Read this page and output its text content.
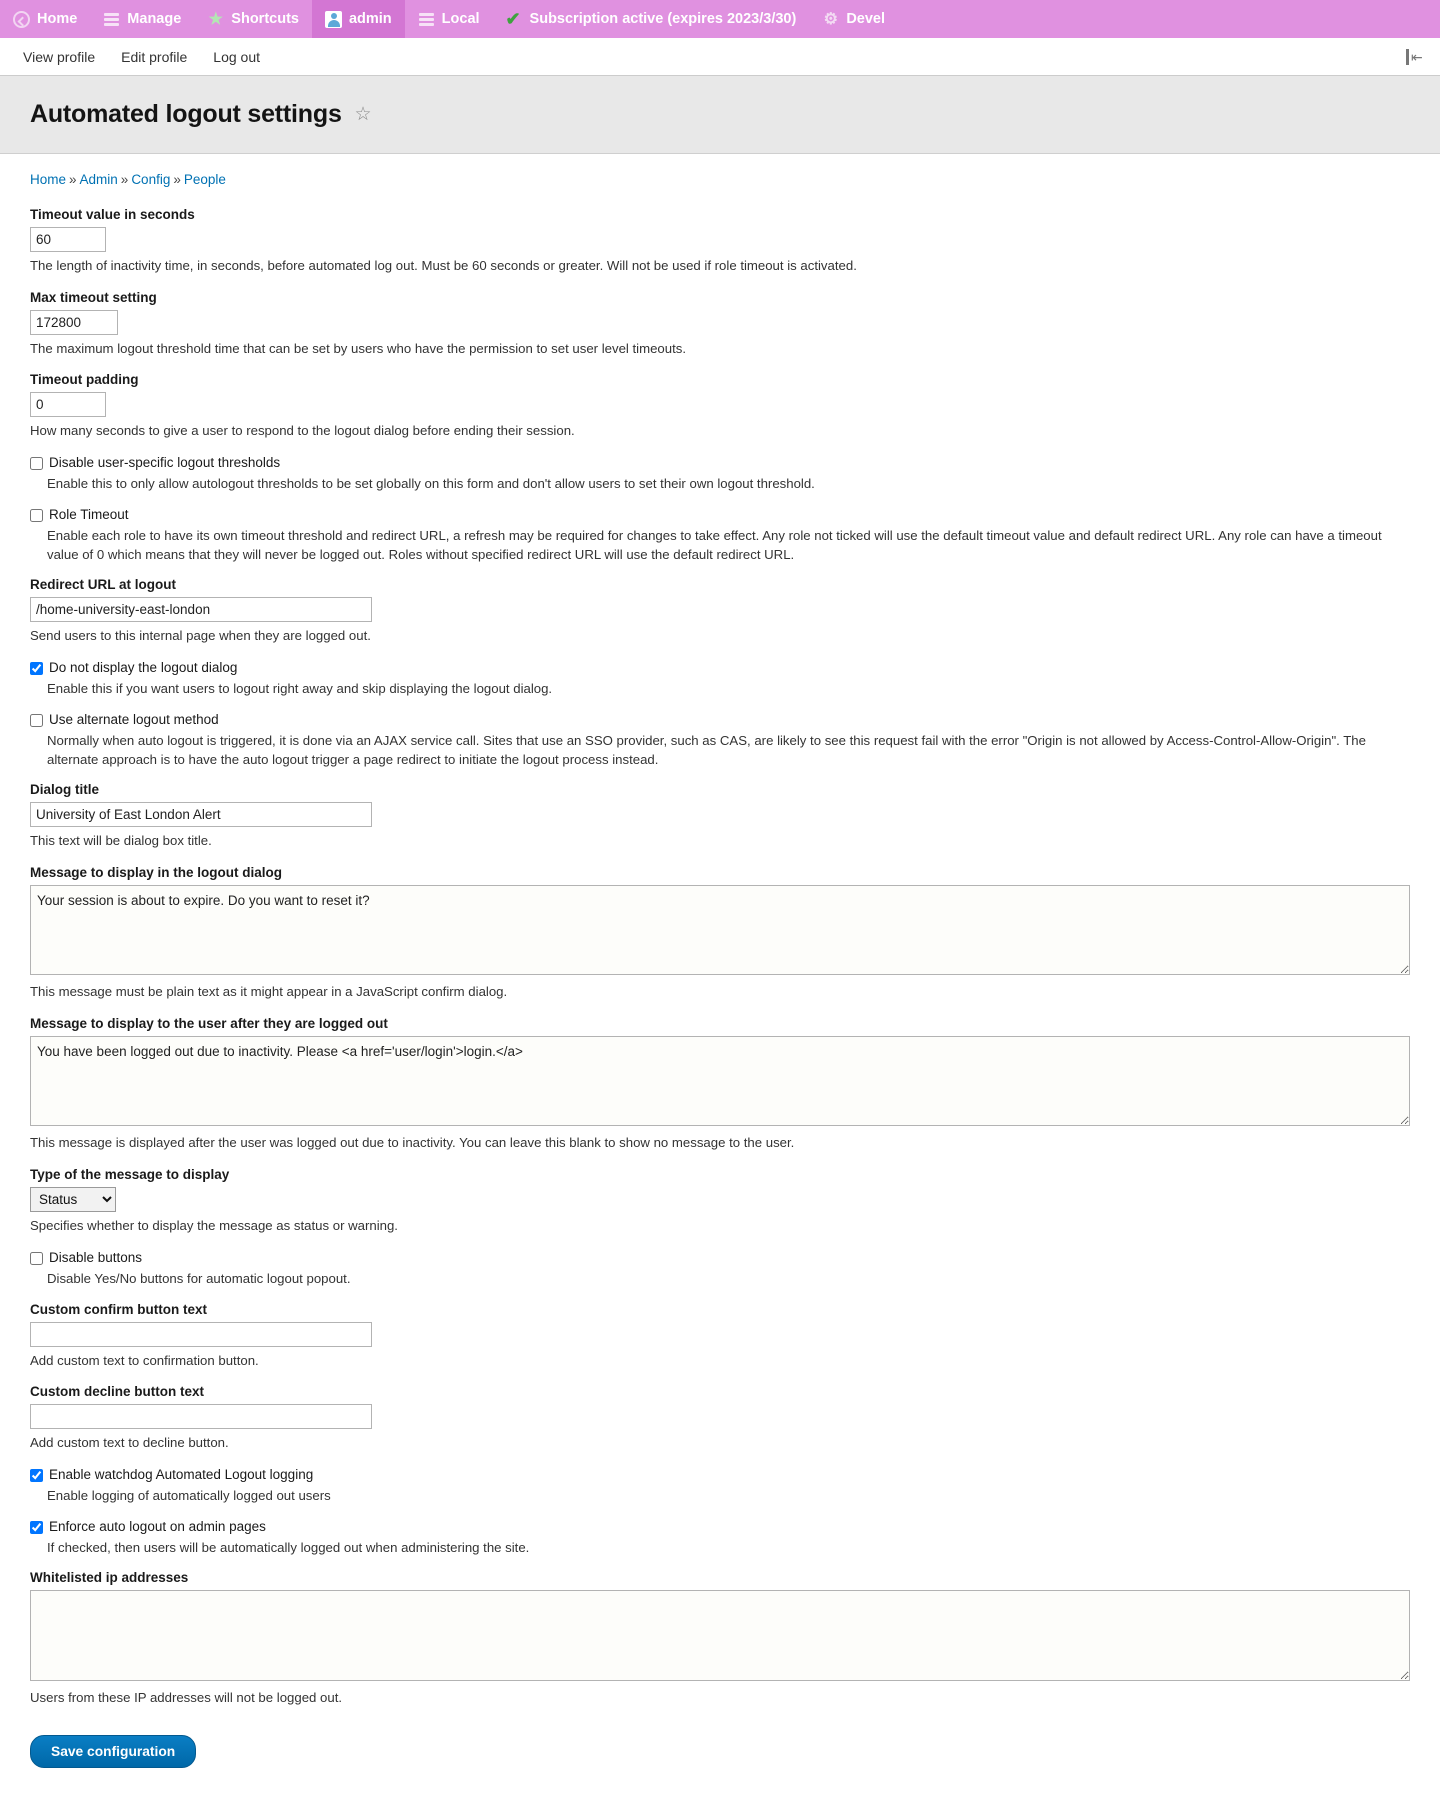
Home	Manage ★ Shortcuts	admin	Local ✔ Subscription active (expires 2023/3/30) ⚙ Devel
View profile	Edit profile	Log out	⇤
Automated logout settings ☆
Home » Admin » Config » People
Timeout value in seconds
60
The length of inactivity time, in seconds, before automated log out. Must be 60 seconds or greater. Will not be used if role timeout is activated.
Max timeout setting
172800
The maximum logout threshold time that can be set by users who have the permission to set user level timeouts.
Timeout padding
0
How many seconds to give a user to respond to the logout dialog before ending their session.
Disable user-specific logout thresholds
Enable this to only allow autologout thresholds to be set globally on this form and don't allow users to set their own logout threshold.
Role Timeout
Enable each role to have its own timeout threshold and redirect URL, a refresh may be required for changes to take effect. Any role not ticked will use the default timeout value and default redirect URL. Any role can have a timeout value of 0 which means that they will never be logged out. Roles without specified redirect URL will use the default redirect URL.
Redirect URL at logout
/home-university-east-london
Send users to this internal page when they are logged out.
Do not display the logout dialog
Enable this if you want users to logout right away and skip displaying the logout dialog.
Use alternate logout method
Normally when auto logout is triggered, it is done via an AJAX service call. Sites that use an SSO provider, such as CAS, are likely to see this request fail with the error "Origin is not allowed by Access-Control-Allow-Origin". The alternate approach is to have the auto logout trigger a page redirect to initiate the logout process instead.
Dialog title
University of East London Alert
This text will be dialog box title.
Message to display in the logout dialog
Your session is about to expire. Do you want to reset it?
This message must be plain text as it might appear in a JavaScript confirm dialog.
Message to display to the user after they are logged out
You have been logged out due to inactivity. Please <a href='user/login'>login.</a>
This message is displayed after the user was logged out due to inactivity. You can leave this blank to show no message to the user.
Type of the message to display
Status
Specifies whether to display the message as status or warning.
Disable buttons
Disable Yes/No buttons for automatic logout popout.
Custom confirm button text
Add custom text to confirmation button.
Custom decline button text
Add custom text to decline button.
Enable watchdog Automated Logout logging
Enable logging of automatically logged out users
Enforce auto logout on admin pages
If checked, then users will be automatically logged out when administering the site.
Whitelisted ip addresses
Users from these IP addresses will not be logged out.
Save configuration
